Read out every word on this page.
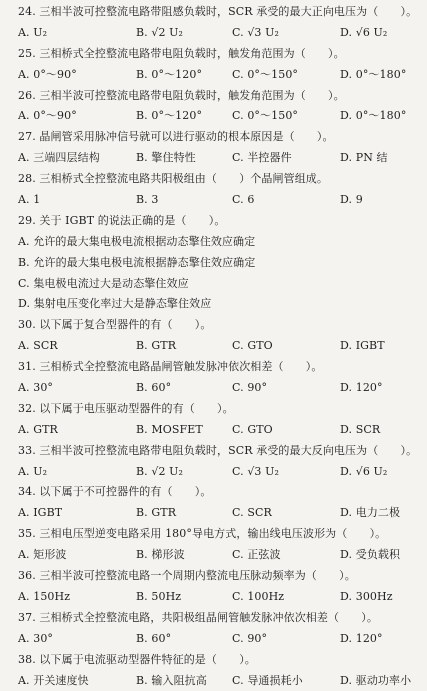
24. 三相半波可控整流电路带阻感负载时，SCR 承受的最大正向电压为（　　）。
A. U₂	B. √2 U₂	C. √3 U₂	D. √6 U₂
25. 三相桥式全控整流电路带电阻负载时，触发角范围为（　　）。
A. 0°～90°	B. 0°～120°	C. 0°～150°	D. 0°～180°
26. 三相半波可控整流电路带电阻负载时，触发角范围为（　　）。
A. 0°～90°	B. 0°～120°	C. 0°～150°	D. 0°～180°
27. 晶闸管采用脉冲信号就可以进行驱动的根本原因是（　　）。
A. 三端四层结构	B. 擎住特性	C. 半控器件	D. PN 结
28. 三相桥式全控整流电路共阳极组由（　　）个晶闸管组成。
A. 1	B. 3	C. 6	D. 9
29. 关于 IGBT 的说法正确的是（　　）。
A. 允许的最大集电极电流根据动态擎住效应确定
B. 允许的最大集电极电流根据静态擎住效应确定
C. 集电极电流过大是动态擎住效应
D. 集射电压变化率过大是静态擎住效应
30. 以下属于复合型器件的有（　　）。
A. SCR	B. GTR	C. GTO	D. IGBT
31. 三相桥式全控整流电路晶闸管触发脉冲依次相差（　　）。
A. 30°	B. 60°	C. 90°	D. 120°
32. 以下属于电压驱动型器件的有（　　）。
A. GTR	B. MOSFET	C. GTO	D. SCR
33. 三相半波可控整流电路带电阻负载时，SCR 承受的最大反向电压为（　　）。
A. U₂	B. √2 U₂	C. √3 U₂	D. √6 U₂
34. 以下属于不可控器件的有（　　）。
A. IGBT	B. GTR	C. SCR	D. 电力二极
35. 三相电压型逆变电路采用 180°导电方式，输出线电压波形为（　　）。
A. 矩形波	B. 梯形波	C. 正弦波	D. 受负载积
36. 三相半波可控整流电路一个周期内整流电压脉动频率为（　　）。
A. 150Hz	B. 50Hz	C. 100Hz	D. 300Hz
37. 三相桥式全控整流电路，共阳极组晶闸管触发脉冲依次相差（　　）。
A. 30°	B. 60°	C. 90°	D. 120°
38. 以下属于电流驱动型器件特征的是（　　）。
A. 开关速度快	B. 输入阻抗高 C. 导通损耗小	D. 驱动功率小
